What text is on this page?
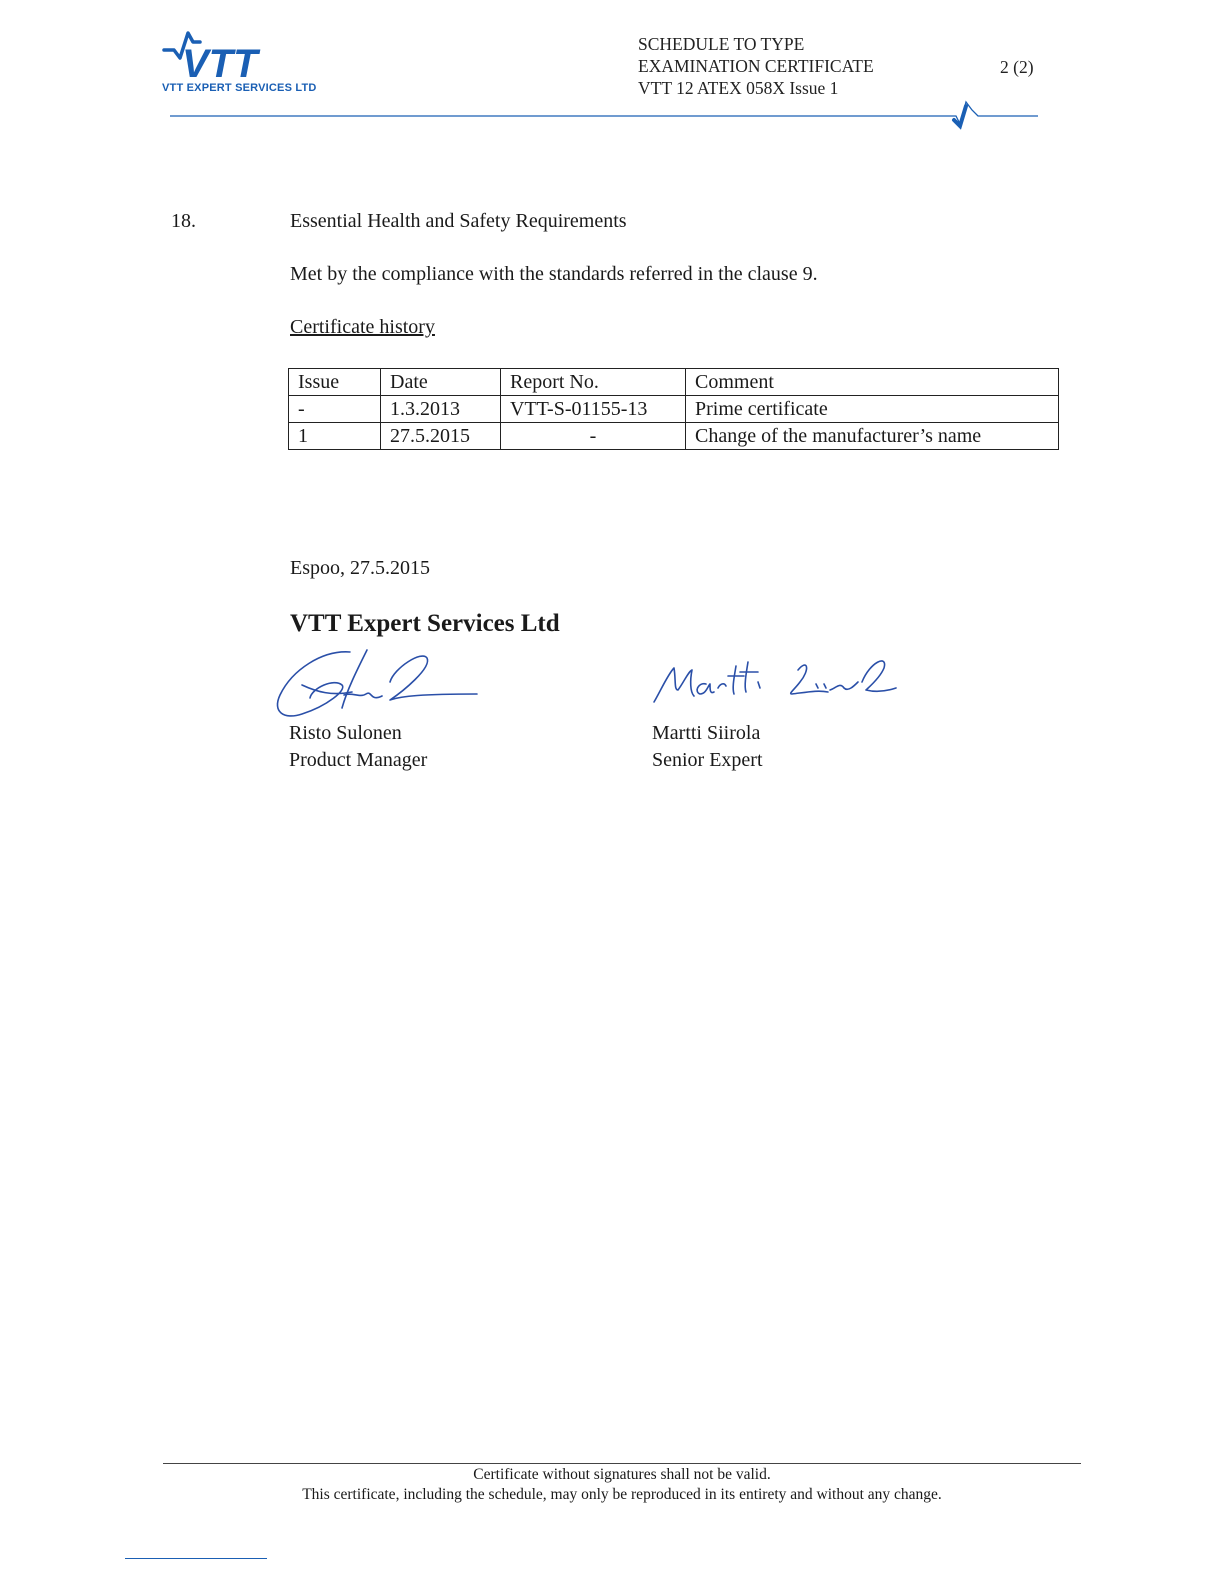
VTT
VTT EXPERT SERVICES LTD
SCHEDULE TO TYPE
EXAMINATION CERTIFICATE
VTT 12 ATEX 058X Issue 1
2 (2)
18.	Essential Health and Safety Requirements
Met by the compliance with the standards referred in the clause 9.
Certificate history
Issue	Date	Report No.	Comment
-	1.3.2013	VTT-S-01155-13	Prime certificate
1	27.5.2015	-	Change of the manufacturer’s name
Espoo, 27.5.2015
VTT Expert Services Ltd
Risto Sulonen
Product Manager
Martti Siirola
Senior Expert
Certificate without signatures shall not be valid.
This certificate, including the schedule, may only be reproduced in its entirety and without any change.
